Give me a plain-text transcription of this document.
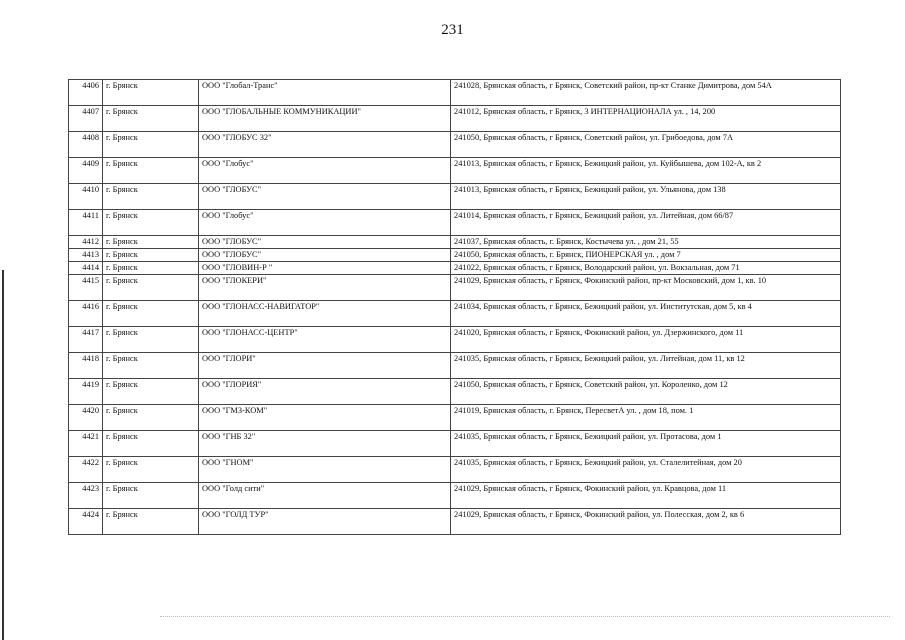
231
4406	г. Брянск	ООО "Глобал-Транс"	241028, Брянская область, г Брянск, Советский район, пр-кт Станке Димитрова, дом 54А
4407	г. Брянск	ООО "ГЛОБАЛЬНЫЕ КОММУНИКАЦИИ"	241012, Брянская область, г Брянск, 3 ИНТЕРНАЦИОНАЛА ул. , 14, 200
4408	г. Брянск	ООО "ГЛОБУС 32"	241050, Брянская область, г Брянск, Советский район, ул. Грибоедова, дом 7А
4409	г. Брянск	ООО "Глобус"	241013, Брянская область, г Брянск, Бежицкий район, ул. Куйбышева, дом 102-А, кв 2
4410	г. Брянск	ООО "ГЛОБУС"	241013, Брянская область, г Брянск, Бежицкий район, ул. Ульянова, дом 138
4411	г. Брянск	ООО "Глобус"	241014, Брянская область, г Брянск, Бежицкий район, ул. Литейная, дом 66/87
4412	г. Брянск	ООО "ГЛОБУС"	241037, Брянская область, г. Брянск, Костычева ул. , дом 21, 55
4413	г. Брянск	ООО "ГЛОБУС"	241050, Брянская область, г. Брянск, ПИОНЕРСКАЯ ул. , дом 7
4414	г. Брянск	ООО "ГЛОВИН-Р "	241022, Брянская область, г Брянск, Володарский район, ул. Вокзальная, дом 71
4415	г. Брянск	ООО "ГЛОКЕРИ"	241029, Брянская область, г Брянск, Фокинский район, пр-кт Московский, дом 1, кв. 10
4416	г. Брянск	ООО "ГЛОНАСС-НАВИГАТОР"	241034, Брянская область, г Брянск, Бежицкий район, ул. Институтская, дом 5, кв 4
4417	г. Брянск	ООО "ГЛОНАСС-ЦЕНТР"	241020, Брянская область, г Брянск, Фокинский район, ул. Дзержинского, дом 11
4418	г. Брянск	ООО "ГЛОРИ"	241035, Брянская область, г Брянск, Бежицкий район, ул. Литейная, дом 11, кв 12
4419	г. Брянск	ООО "ГЛОРИЯ"	241050, Брянская область, г Брянск, Советский район, ул. Короленко, дом 12
4420	г. Брянск	ООО "ГМЗ-КОМ"	241019, Брянская область, г. Брянск, ПересветА ул. , дом 18, пом. 1
4421	г. Брянск	ООО "ГНБ 32"	241035, Брянская область, г Брянск, Бежицкий район, ул. Протасова, дом 1
4422	г. Брянск	ООО "ГНОМ"	241035, Брянская область, г Брянск, Бежицкий район, ул. Сталелитейная, дом 20
4423	г. Брянск	ООО "Голд сити"	241029, Брянская область, г Брянск, Фокинский район, ул. Кравцова, дом 11
4424	г. Брянск	ООО "ГОЛД ТУР"	241029, Брянская область, г Брянск, Фокинский район, ул. Полесская, дом 2, кв 6
